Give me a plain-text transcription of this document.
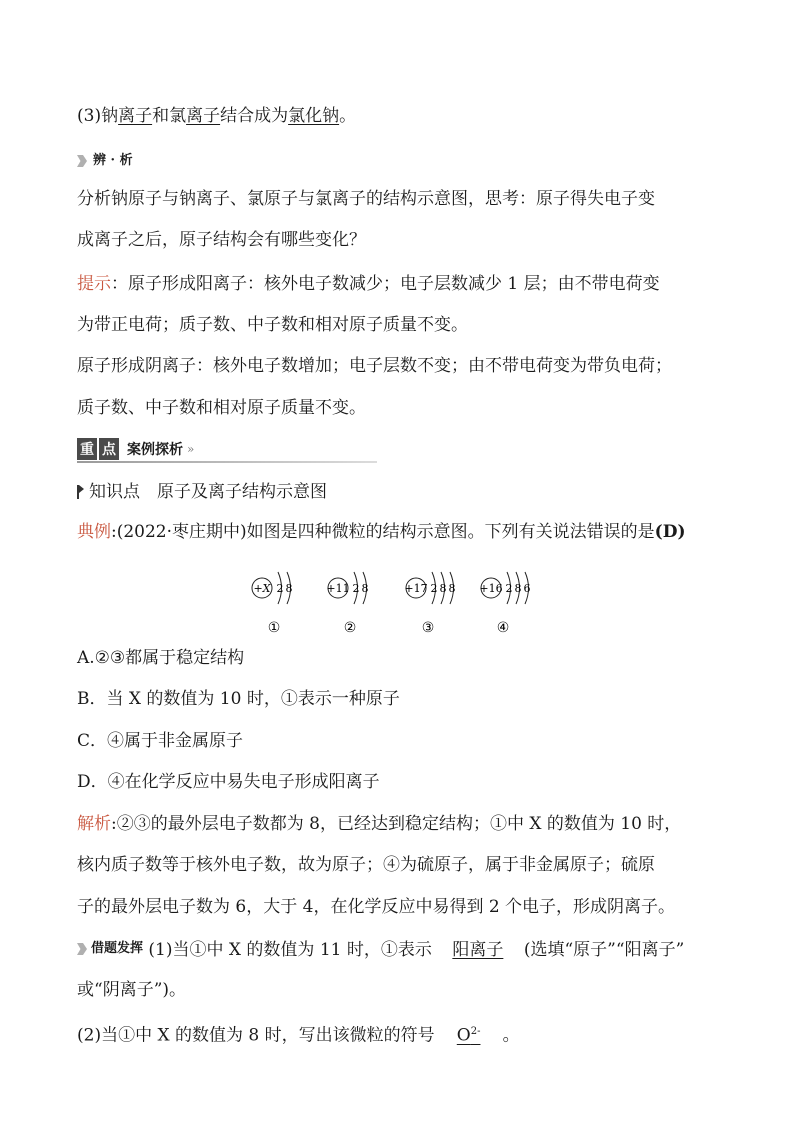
(3)钠离子和氯离子结合成为氯化钠。
辨 · 析
分析钠原子与钠离子、氯原子与氯离子的结构示意图，思考：原子得失电子变
成离子之后，原子结构会有哪些变化？
提示：原子形成阳离子：核外电子数减少；电子层数减少 1 层；由不带电荷变
为带正电荷；质子数、中子数和相对原子质量不变。
原子形成阴离子：核外电子数增加；电子层数不变；由不带电荷变为带负电荷；
质子数、中子数和相对原子质量不变。
重 点 案例探析 »
知识点　原子及离子结构示意图
典例:(2022·枣庄期中)如图是四种微粒的结构示意图。下列有关说法错误的是(D)
+X 2 8
①
+11 2 8
②
+17 2 8 8
③
+16 2 8 6
④
A.②③都属于稳定结构
B．当 X 的数值为 10 时，①表示一种原子
C．④属于非金属原子
D．④在化学反应中易失电子形成阳离子
解析:②③的最外层电子数都为 8，已经达到稳定结构；①中 X 的数值为 10 时，
核内质子数等于核外电子数，故为原子；④为硫原子，属于非金属原子；硫原
子的最外层电子数为 6，大于 4，在化学反应中易得到 2 个电子，形成阴离子。
借题发挥 (1)当①中 X 的数值为 11 时，①表示 阳离子 (选填“原子”“阳离子”
或“阴离子”)。
(2)当①中 X 的数值为 8 时，写出该微粒的符号 $O^{2-}$ 。
